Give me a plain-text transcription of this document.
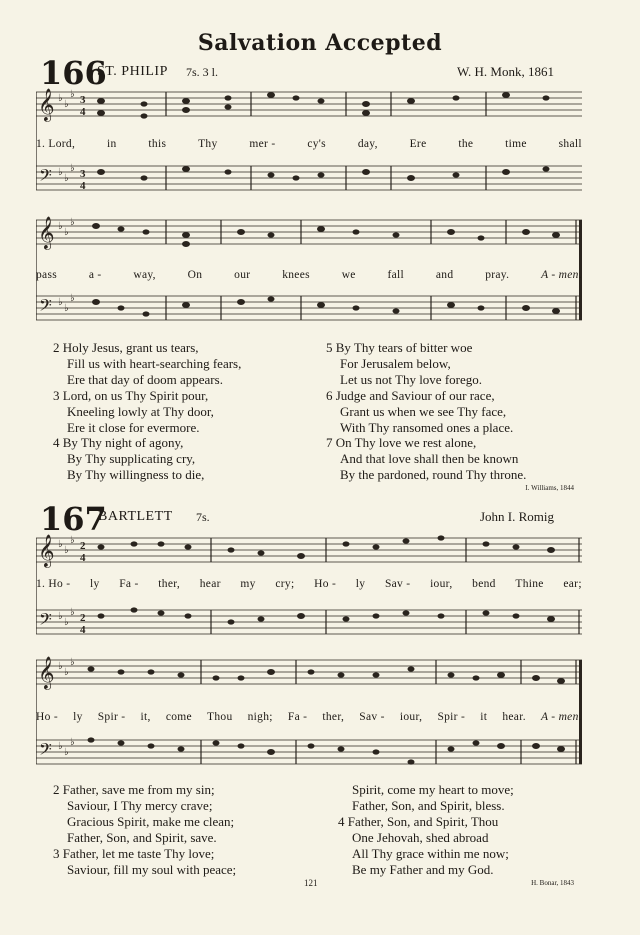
Salvation Accepted
166
ST. PHILIP 7s. 3 l.	W. H. Monk, 1861
𝄞
𝄢
♭
♭
♭
♭
♭
♭
3
4
3
4
1. Lord,	in	this	Thy	mer -	cy's	day,	Ere	the	time	shall
𝄞
𝄢
♭
♭
♭
♭
♭
♭
pass	a -	way,	On	our	knees	we	fall	and	pray.	A - men.
2 Holy Jesus, grant us tears,
Fill us with heart-searching fears,
Ere that day of doom appears.
3 Lord, on us Thy Spirit pour,
Kneeling lowly at Thy door,
Ere it close for evermore.
4 By Thy night of agony,
By Thy supplicating cry,
By Thy willingness to die,
5 By Thy tears of bitter woe
For Jerusalem below,
Let us not Thy love forego.
6 Judge and Saviour of our race,
Grant us when we see Thy face,
With Thy ransomed ones a place.
7 On Thy love we rest alone,
And that love shall then be known
By the pardoned, round Thy throne.
I. Williams, 1844
167
BARTLETT 7s.	John I. Romig
𝄞
𝄢
♭
♭
♭
♭
♭
♭
2
4
2
4
1. Ho - ly Fa - ther, hear my cry; Ho - ly Sav - iour, bend Thine ear;
𝄞
𝄢
♭
♭
♭
♭
♭
♭
Ho - ly Spir - it, come Thou nigh; Fa - ther, Sav - iour, Spir - it hear. A - men.
2 Father, save me from my sin;
Saviour, I Thy mercy crave;
Gracious Spirit, make me clean;
Father, Son, and Spirit, save.
3 Father, let me taste Thy love;
Saviour, fill my soul with peace;
Spirit, come my heart to move;
Father, Son, and Spirit, bless.
4 Father, Son, and Spirit, Thou
One Jehovah, shed abroad
All Thy grace within me now;
Be my Father and my God.
121	H. Bonar, 1843
